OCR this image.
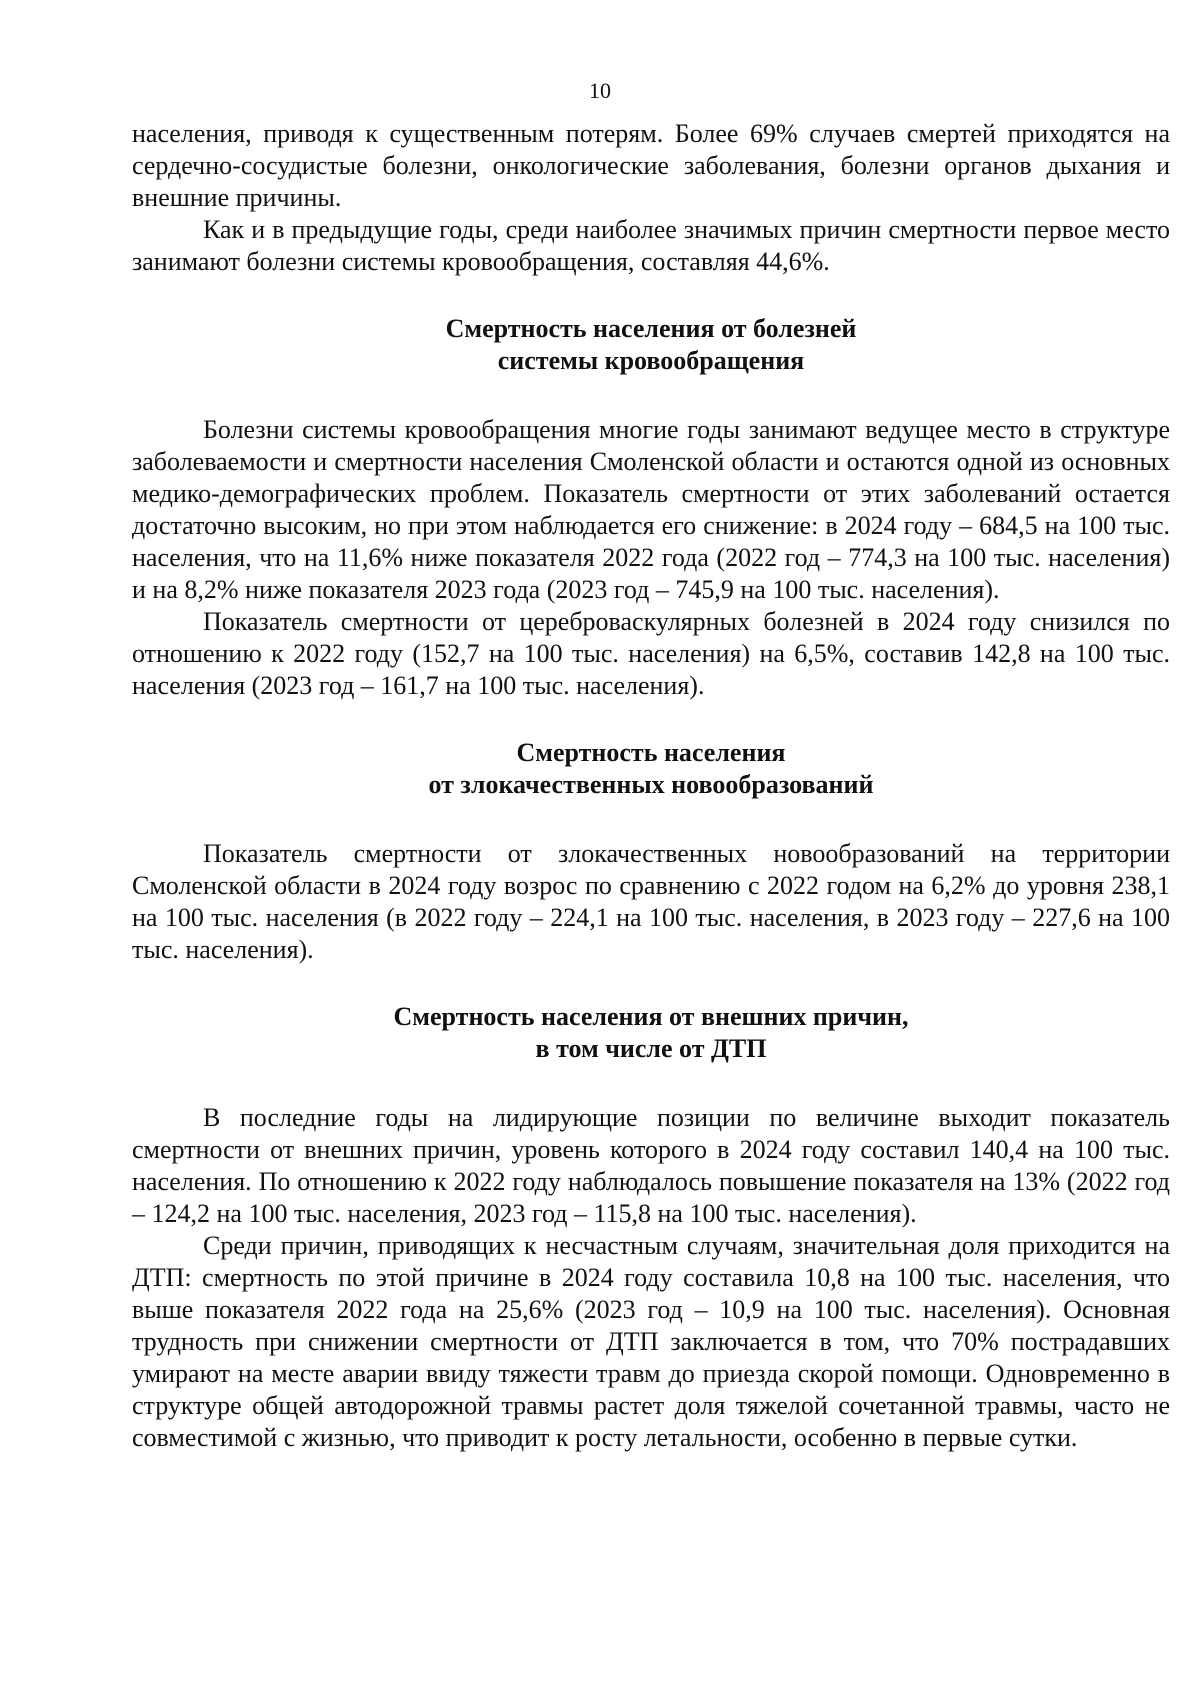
10

населения, приводя к существенным потерям. Более 69% случаев смертей приходятся на сердечно-сосудистые болезни, онкологические заболевания, болезни органов дыхания и внешние причины.

Как и в предыдущие годы, среди наиболее значимых причин смертности первое место занимают болезни системы кровообращения, составляя 44,6%.

Смертность населения от болезней
системы кровообращения

Болезни системы кровообращения многие годы занимают ведущее место в структуре заболеваемости и смертности населения Смоленской области и остаются одной из основных медико-демографических проблем. Показатель смертности от этих заболеваний остается достаточно высоким, но при этом наблюдается его снижение: в 2024 году – 684,5 на 100 тыс. населения, что на 11,6% ниже показателя 2022 года (2022 год – 774,3 на 100 тыс. населения) и на 8,2% ниже показателя 2023 года (2023 год – 745,9 на 100 тыс. населения).

Показатель смертности от цереброваскулярных болезней в 2024 году снизился по отношению к 2022 году (152,7 на 100 тыс. населения) на 6,5%, составив 142,8 на 100 тыс. населения (2023 год – 161,7 на 100 тыс. населения).

Смертность населения
от злокачественных новообразований

Показатель смертности от злокачественных новообразований на территории Смоленской области в 2024 году возрос по сравнению с 2022 годом на 6,2% до уровня 238,1 на 100 тыс. населения (в 2022 году – 224,1 на 100 тыс. населения, в 2023 году – 227,6 на 100 тыс. населения).

Смертность населения от внешних причин,
в том числе от ДТП

В последние годы на лидирующие позиции по величине выходит показатель смертности от внешних причин, уровень которого в 2024 году составил 140,4 на 100 тыс. населения. По отношению к 2022 году наблюдалось повышение показателя на 13% (2022 год – 124,2 на 100 тыс. населения, 2023 год – 115,8 на 100 тыс. населения).

Среди причин, приводящих к несчастным случаям, значительная доля приходится на ДТП: смертность по этой причине в 2024 году составила 10,8 на 100 тыс. населения, что выше показателя 2022 года на 25,6% (2023 год – 10,9 на 100 тыс. населения). Основная трудность при снижении смертности от ДТП заключается в том, что 70% пострадавших умирают на месте аварии ввиду тяжести травм до приезда скорой помощи. Одновременно в структуре общей автодорожной травмы растет доля тяжелой сочетанной травмы, часто не совместимой с жизнью, что приводит к росту летальности, особенно в первые сутки.
